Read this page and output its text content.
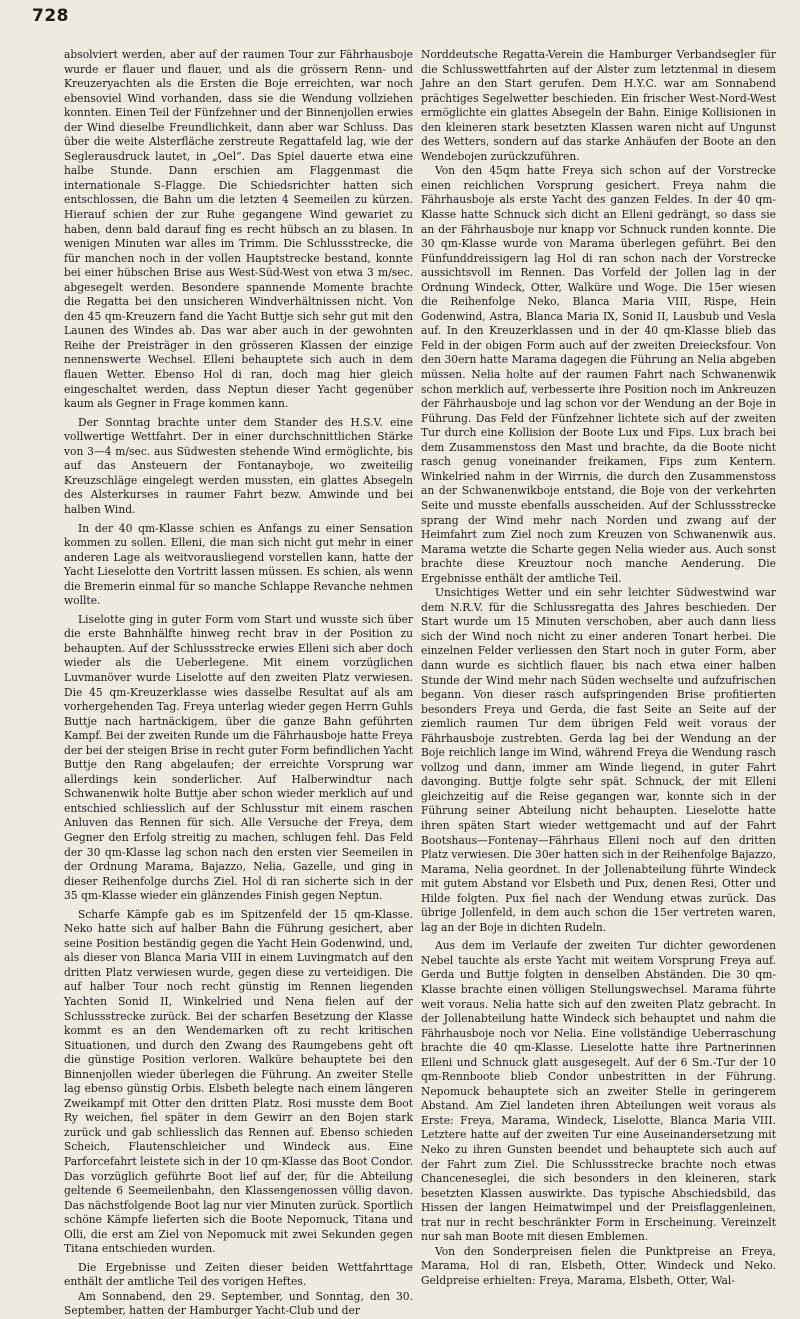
728

absolviert werden, aber auf der raumen Tour zur Fährhausboje wurde er flauer und flauer, und als die grössern Renn- und Kreuzeryachten als die Ersten die Boje erreichten, war noch ebensoviel Wind vorhanden, dass sie die Wendung vollziehen konnten. Einen Teil der Fünfzehner und der Binnenjollen erwies der Wind dieselbe Freundlichkeit, dann aber war Schluss. Das über die weite Alsterfläche zerstreute Regattafeld lag, wie der Seglerausdruck lautet, in „Oel“. Das Spiel dauerte etwa eine halbe Stunde. Dann erschien am Flaggenmast die internationale S-Flagge. Die Schiedsrichter hatten sich entschlossen, die Bahn um die letzten 4 Seemeilen zu kürzen. Hierauf schien der zur Ruhe gegangene Wind gewariet zu haben, denn bald darauf fing es recht hübsch an zu blasen. In wenigen Minuten war alles im Trimm. Die Schlussstrecke, die für manchen noch in der vollen Hauptstrecke bestand, konnte bei einer hübschen Brise aus West-Süd-West von etwa 3 m/sec. abgesegelt werden. Besondere spannende Momente brachte die Regatta bei den unsicheren Windverhältnissen nicht. Von den 45 qm-Kreuzern fand die Yacht Buttje sich sehr gut mit den Launen des Windes ab. Das war aber auch in der gewohnten Reihe der Preisträger in den grösseren Klassen der einzige nennenswerte Wechsel. Elleni behauptete sich auch in dem flauen Wetter. Ebenso Hol di ran, doch mag hier gleich eingeschaltet werden, dass Neptun dieser Yacht gegenüber kaum als Gegner in Frage kommen kann.

Der Sonntag brachte unter dem Stander des H.S.V. eine vollwertige Wettfahrt. Der in einer durchschnittlichen Stärke von 3—4 m/sec. aus Südwesten stehende Wind ermöglichte, bis auf das Ansteuern der Fontanayboje, wo zweiteilig Kreuzschläge eingelegt werden mussten, ein glattes Absegeln des Alsterkurses in raumer Fahrt bezw. Amwinde und bei halben Wind.

In der 40 qm-Klasse schien es Anfangs zu einer Sensation kommen zu sollen. Elleni, die man sich nicht gut mehr in einer anderen Lage als weitvorausliegend vorstellen kann, hatte der Yacht Lieselotte den Vortritt lassen müssen. Es schien, als wenn die Bremerin einmal für so manche Schlappe Revanche nehmen wollte.

Liselotte ging in guter Form vom Start und wusste sich über die erste Bahnhälfte hinweg recht brav in der Position zu behaupten. Auf der Schlussstrecke erwies Elleni sich aber doch wieder als die Ueberlegene. Mit einem vorzüglichen Luvmanöver wurde Liselotte auf den zweiten Platz verwiesen. Die 45 qm-Kreuzerklasse wies dasselbe Resultat auf als am vorhergehenden Tag. Freya unterlag wieder gegen Herrn Guhls Buttje nach hartnäckigem, über die ganze Bahn geführten Kampf. Bei der zweiten Runde um die Fährhausboje hatte Freya der bei der steigen Brise in recht guter Form befindlichen Yacht Buttje den Rang abgelaufen; der erreichte Vorsprung war allerdings kein sonderlicher. Auf Halberwindtur nach Schwanenwik holte Buttje aber schon wieder merklich auf und entschied schliesslich auf der Schlusstur mit einem raschen Anluven das Rennen für sich. Alle Versuche der Freya, dem Gegner den Erfolg streitig zu machen, schlugen fehl. Das Feld der 30 qm-Klasse lag schon nach den ersten vier Seemeilen in der Ordnung Marama, Bajazzo, Nelia, Gazelle, und ging in dieser Reihenfolge durchs Ziel. Hol di ran sicherte sich in der 35 qm-Klasse wieder ein glänzendes Finish gegen Neptun.

Scharfe Kämpfe gab es im Spitzenfeld der 15 qm-Klasse. Neko hatte sich auf halber Bahn die Führung gesichert, aber seine Position beständig gegen die Yacht Hein Godenwind, und, als dieser von Blanca Maria VIII in einem Luvingmatch auf den dritten Platz verwiesen wurde, gegen diese zu verteidigen. Die auf halber Tour noch recht günstig im Rennen liegenden Yachten Sonid II, Winkelried und Nena fielen auf der Schlussstrecke zurück. Bei der scharfen Besetzung der Klasse kommt es an den Wendemarken oft zu recht kritischen Situationen, und durch den Zwang des Raumgebens geht oft die günstige Position verloren. Walküre behauptete bei den Binnenjollen wieder überlegen die Führung. An zweiter Stelle lag ebenso günstig Orbis. Elsbeth belegte nach einem längeren Zweikampf mit Otter den dritten Platz. Rosi musste dem Boot Ry weichen, fiel später in dem Gewirr an den Bojen stark zurück und gab schliesslich das Rennen auf. Ebenso schieden Scheich, Flautenschleicher und Windeck aus. Eine Parforcefahrt leistete sich in der 10 qm-Klasse das Boot Condor. Das vorzüglich geführte Boot lief auf der, für die Abteilung geltende 6 Seemeilenbahn, den Klassengenossen völlig davon. Das nächstfolgende Boot lag nur vier Minuten zurück. Sportlich schöne Kämpfe lieferten sich die Boote Nepomuck, Titana und Olli, die erst am Ziel von Nepomuck mit zwei Sekunden gegen Titana entschieden wurden.

Die Ergebnisse und Zeiten dieser beiden Wettfahrttage enthält der amtliche Teil des vorigen Heftes.

Am Sonnabend, den 29. September, und Sonntag, den 30. September, hatten der Hamburger Yacht-Club und der

Norddeutsche Regatta-Verein die Hamburger Verbandsegler für die Schlusswettfahrten auf der Alster zum letztenmal in diesem Jahre an den Start gerufen. Dem H.Y.C. war am Sonnabend prächtiges Segelwetter beschieden. Ein frischer West-Nord-West ermöglichte ein glattes Absegeln der Bahn. Einige Kollisionen in den kleineren stark besetzten Klassen waren nicht auf Ungunst des Wetters, sondern auf das starke Anhäufen der Boote an den Wendebojen zurückzuführen.

Von den 45qm hatte Freya sich schon auf der Vorstrecke einen reichlichen Vorsprung gesichert. Freya nahm die Fährhausboje als erste Yacht des ganzen Feldes. In der 40 qm-Klasse hatte Schnuck sich dicht an Elleni gedrängt, so dass sie an der Fährhausboje nur knapp vor Schnuck runden konnte. Die 30 qm-Klasse wurde von Marama überlegen geführt. Bei den Fünfunddreissigern lag Hol di ran schon nach der Vorstrecke aussichtsvoll im Rennen. Das Vorfeld der Jollen lag in der Ordnung Windeck, Otter, Walküre und Woge. Die 15er wiesen die Reihenfolge Neko, Blanca Maria VIII, Rispe, Hein Godenwind, Astra, Blanca Maria IX, Sonid II, Lausbub und Vesla auf. In den Kreuzerklassen und in der 40 qm-Klasse blieb das Feld in der obigen Form auch auf der zweiten Dreiecksfour. Von den 30ern hatte Marama dagegen die Führung an Nelia abgeben müssen. Nelia holte auf der raumen Fahrt nach Schwanenwik schon merklich auf, verbesserte ihre Position noch im Ankreuzen der Fährhausboje und lag schon vor der Wendung an der Boje in Führung. Das Feld der Fünfzehner lichtete sich auf der zweiten Tur durch eine Kollision der Boote Lux und Fips. Lux brach bei dem Zusammenstoss den Mast und brachte, da die Boote nicht rasch genug voneinander freikamen, Fips zum Kentern. Winkelried nahm in der Wirrnis, die durch den Zusammenstoss an der Schwanenwikboje entstand, die Boje von der verkehrten Seite und musste ebenfalls ausscheiden. Auf der Schlussstrecke sprang der Wind mehr nach Norden und zwang auf der Heimfahrt zum Ziel noch zum Kreuzen von Schwanenwik aus. Marama wetzte die Scharte gegen Nelia wieder aus. Auch sonst brachte diese Kreuztour noch manche Aenderung. Die Ergebnisse enthält der amtliche Teil.

Unsichtiges Wetter und ein sehr leichter Südwestwind war dem N.R.V. für die Schlussregatta des Jahres beschieden. Der Start wurde um 15 Minuten verschoben, aber auch dann liess sich der Wind noch nicht zu einer anderen Tonart herbei. Die einzelnen Felder verliessen den Start noch in guter Form, aber dann wurde es sichtlich flauer, bis nach etwa einer halben Stunde der Wind mehr nach Süden wechselte und aufzufrischen begann. Von dieser rasch aufspringenden Brise profitierten besonders Freya und Gerda, die fast Seite an Seite auf der ziemlich raumen Tur dem übrigen Feld weit voraus der Fährhausboje zustrebten. Gerda lag bei der Wendung an der Boje reichlich lange im Wind, während Freya die Wendung rasch vollzog und dann, immer am Winde liegend, in guter Fahrt davonging. Buttje folgte sehr spät. Schnuck, der mit Elleni gleichzeitig auf die Reise gegangen war, konnte sich in der Führung seiner Abteilung nicht behaupten. Lieselotte hatte ihren späten Start wieder wettgemacht und auf der Fahrt Bootshaus—Fontenay—Fährhaus Elleni noch auf den dritten Platz verwiesen. Die 30er hatten sich in der Reihenfolge Bajazzo, Marama, Nelia geordnet. In der Jollenabteilung führte Windeck mit gutem Abstand vor Elsbeth und Pux, denen Resi, Otter und Hilde folgten. Pux fiel nach der Wendung etwas zurück. Das übrige Jollenfeld, in dem auch schon die 15er vertreten waren, lag an der Boje in dichten Rudeln.

Aus dem im Verlaufe der zweiten Tur dichter gewordenen Nebel tauchte als erste Yacht mit weitem Vorsprung Freya auf. Gerda und Buttje folgten in denselben Abständen. Die 30 qm-Klasse brachte einen völligen Stellungswechsel. Marama führte weit voraus. Nelia hatte sich auf den zweiten Platz gebracht. In der Jollenabteilung hatte Windeck sich behauptet und nahm die Fährhausboje noch vor Nelia. Eine vollständige Ueberraschung brachte die 40 qm-Klasse. Lieselotte hatte ihre Partnerinnen Elleni und Schnuck glatt ausgesegelt. Auf der 6 Sm.-Tur der 10 qm-Rennboote blieb Condor unbestritten in der Führung. Nepomuck behauptete sich an zweiter Stelle in geringerem Abstand. Am Ziel landeten ihren Abteilungen weit voraus als Erste: Freya, Marama, Windeck, Liselotte, Blanca Maria VIII. Letztere hatte auf der zweiten Tur eine Auseinandersetzung mit Neko zu ihren Gunsten beendet und behauptete sich auch auf der Fahrt zum Ziel. Die Schlussstrecke brachte noch etwas Chanceneseglei, die sich besonders in den kleineren, stark besetzten Klassen auswirkte. Das typische Abschiedsbild, das Hissen der langen Heimatwimpel und der Preisflaggenleinen, trat nur in recht beschränkter Form in Erscheinung. Vereinzelt nur sah man Boote mit diesen Emblemen.

Von den Sonderpreisen fielen die Punktpreise an Freya, Marama, Hol di ran, Elsbeth, Otter, Windeck und Neko. Geldpreise erhielten: Freya, Marama, Elsbeth, Otter, Wal-
